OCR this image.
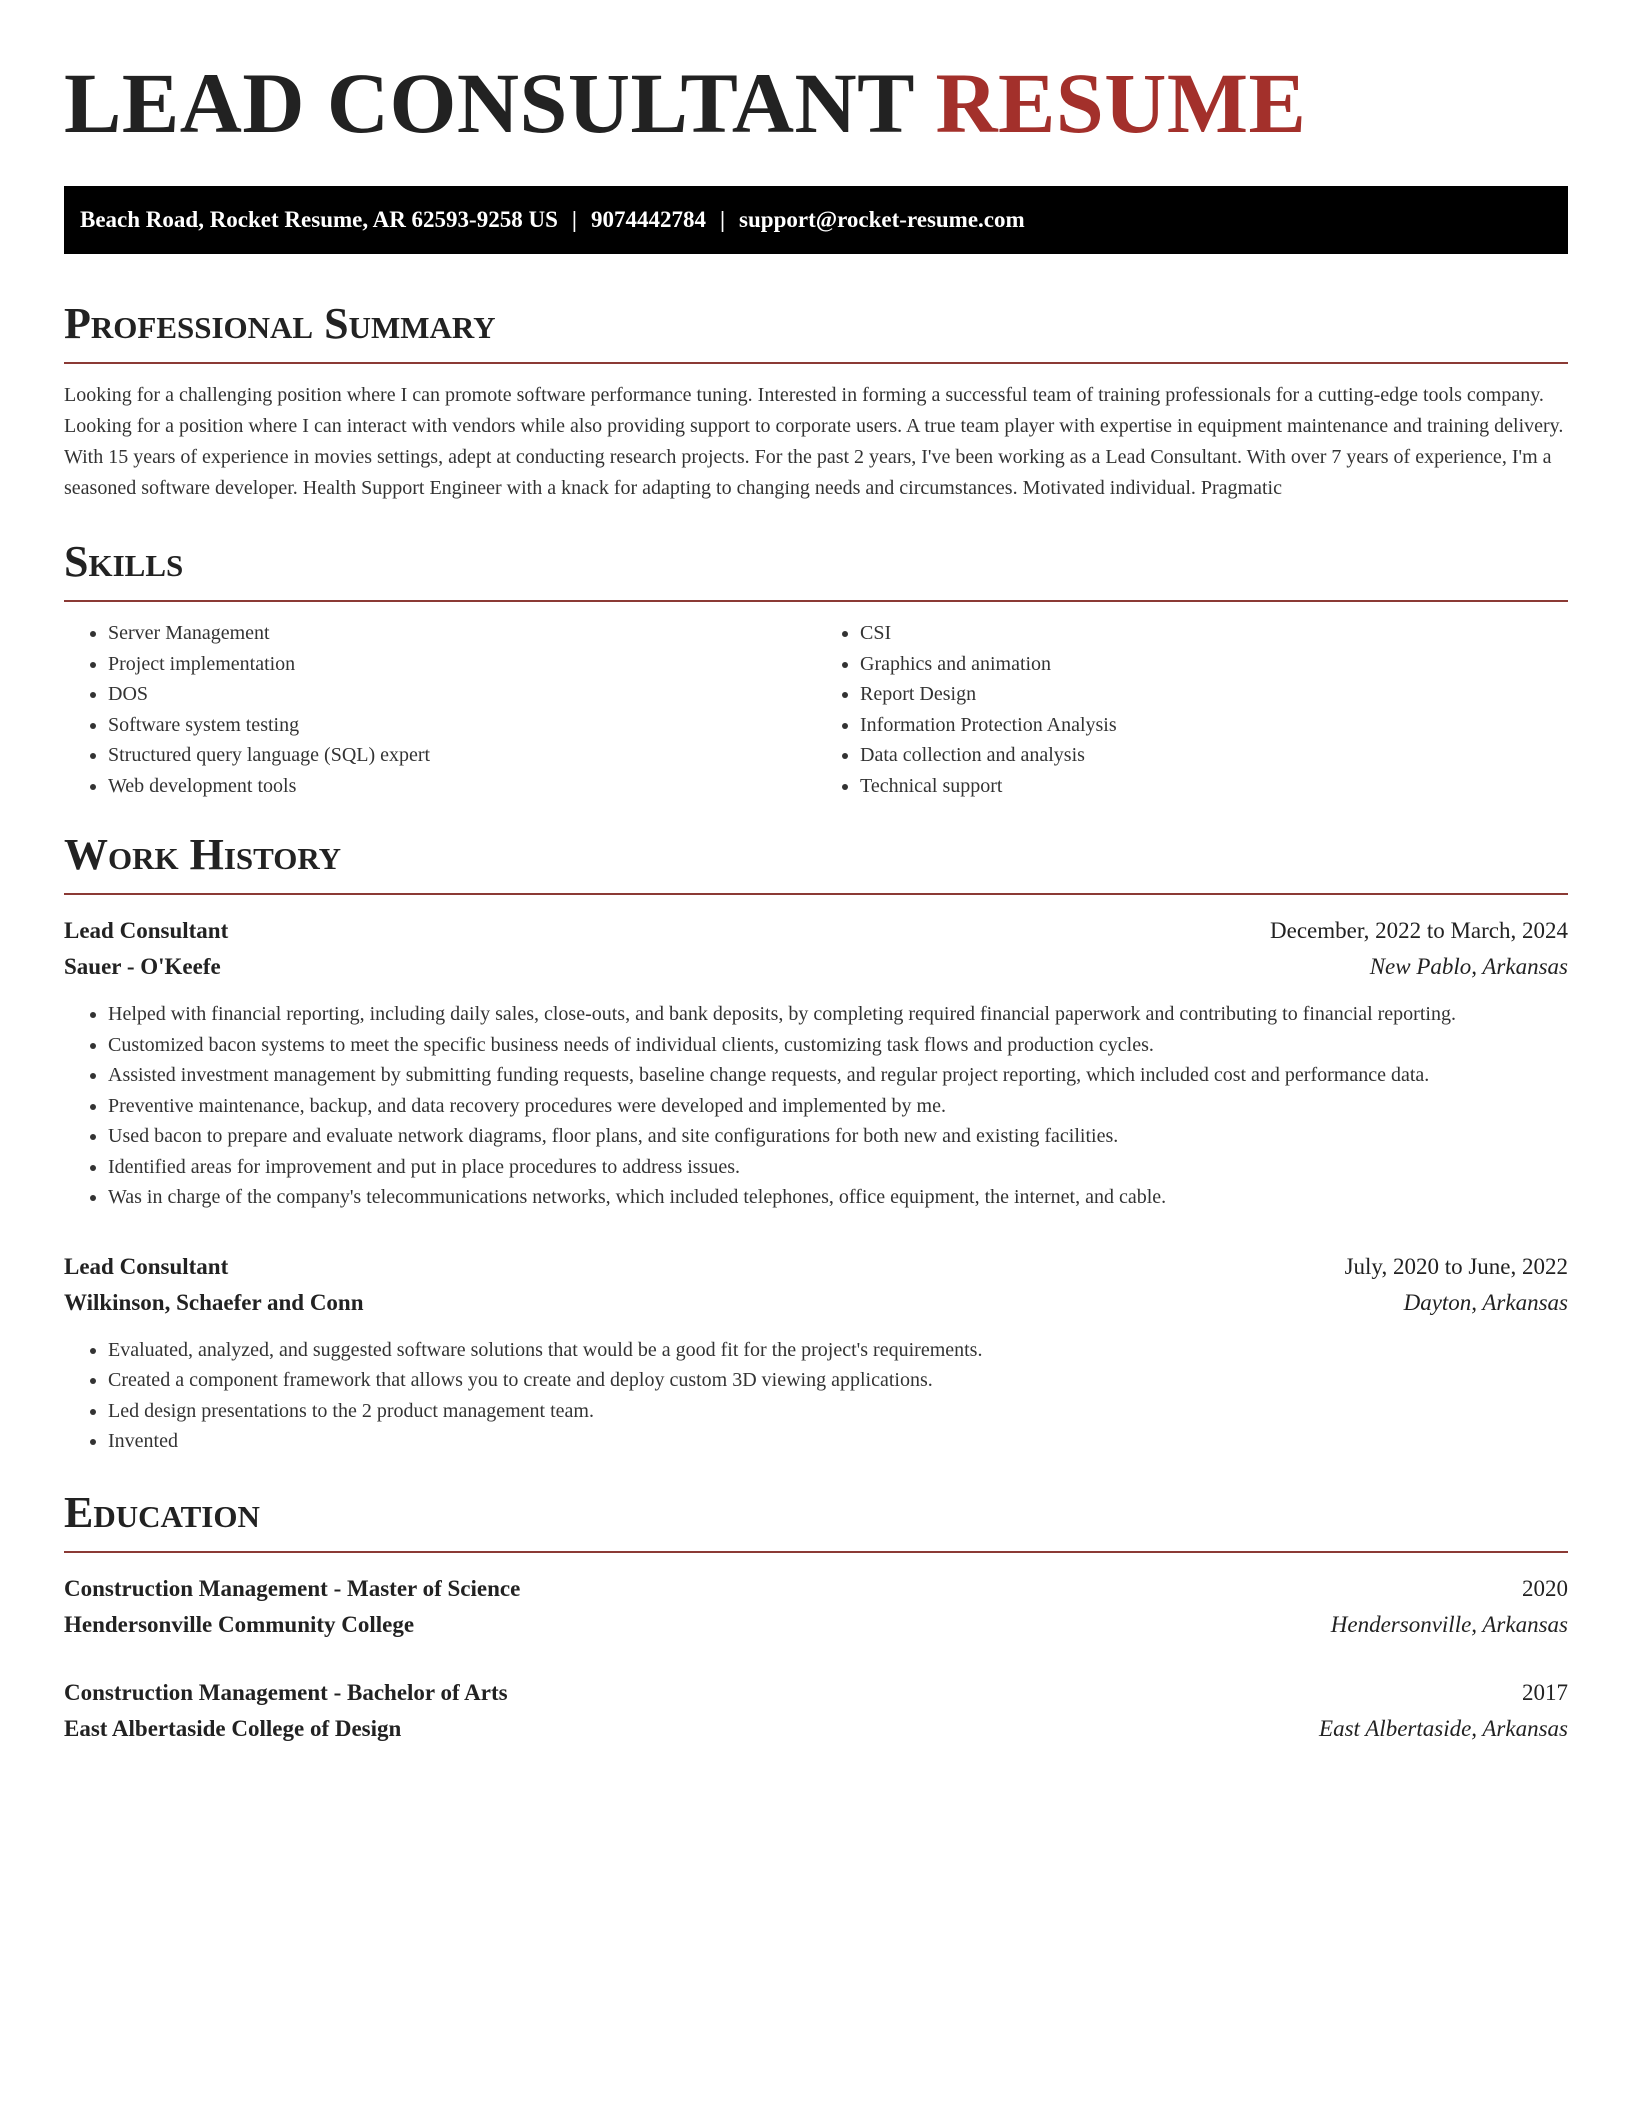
LEAD CONSULTANT RESUME
Beach Road, Rocket Resume, AR 62593-9258 US | 9074442784 | support@rocket-resume.com
Professional Summary

Looking for a challenging position where I can promote software performance tuning. Interested in forming a successful team of training professionals for a cutting-edge tools company. Looking for a position where I can interact with vendors while also providing support to corporate users. A true team player with expertise in equipment maintenance and training delivery. With 15 years of experience in movies settings, adept at conducting research projects. For the past 2 years, I've been working as a Lead Consultant. With over 7 years of experience, I'm a seasoned software developer. Health Support Engineer with a knack for adapting to changing needs and circumstances. Motivated individual. Pragmatic

Skills
• Server Management
• Project implementation
• DOS
• Software system testing
• Structured query language (SQL) expert
• Web development tools
• CSI
• Graphics and animation
• Report Design
• Information Protection Analysis
• Data collection and analysis
• Technical support
Work History
Lead Consultant	December, 2022 to March, 2024
Sauer - O'Keefe	New Pablo, Arkansas
• Helped with financial reporting, including daily sales, close-outs, and bank deposits, by completing required financial paperwork and contributing to financial reporting.
• Customized bacon systems to meet the specific business needs of individual clients, customizing task flows and production cycles.
• Assisted investment management by submitting funding requests, baseline change requests, and regular project reporting, which included cost and performance data.
• Preventive maintenance, backup, and data recovery procedures were developed and implemented by me.
• Used bacon to prepare and evaluate network diagrams, floor plans, and site configurations for both new and existing facilities.
• Identified areas for improvement and put in place procedures to address issues.
• Was in charge of the company's telecommunications networks, which included telephones, office equipment, the internet, and cable.
Lead Consultant	July, 2020 to June, 2022
Wilkinson, Schaefer and Conn	Dayton, Arkansas
• Evaluated, analyzed, and suggested software solutions that would be a good fit for the project's requirements.
• Created a component framework that allows you to create and deploy custom 3D viewing applications.
• Led design presentations to the 2 product management team.
• Invented
Education
Construction Management - Master of Science	2020
Hendersonville Community College	Hendersonville, Arkansas
Construction Management - Bachelor of Arts	2017
East Albertaside College of Design	East Albertaside, Arkansas
